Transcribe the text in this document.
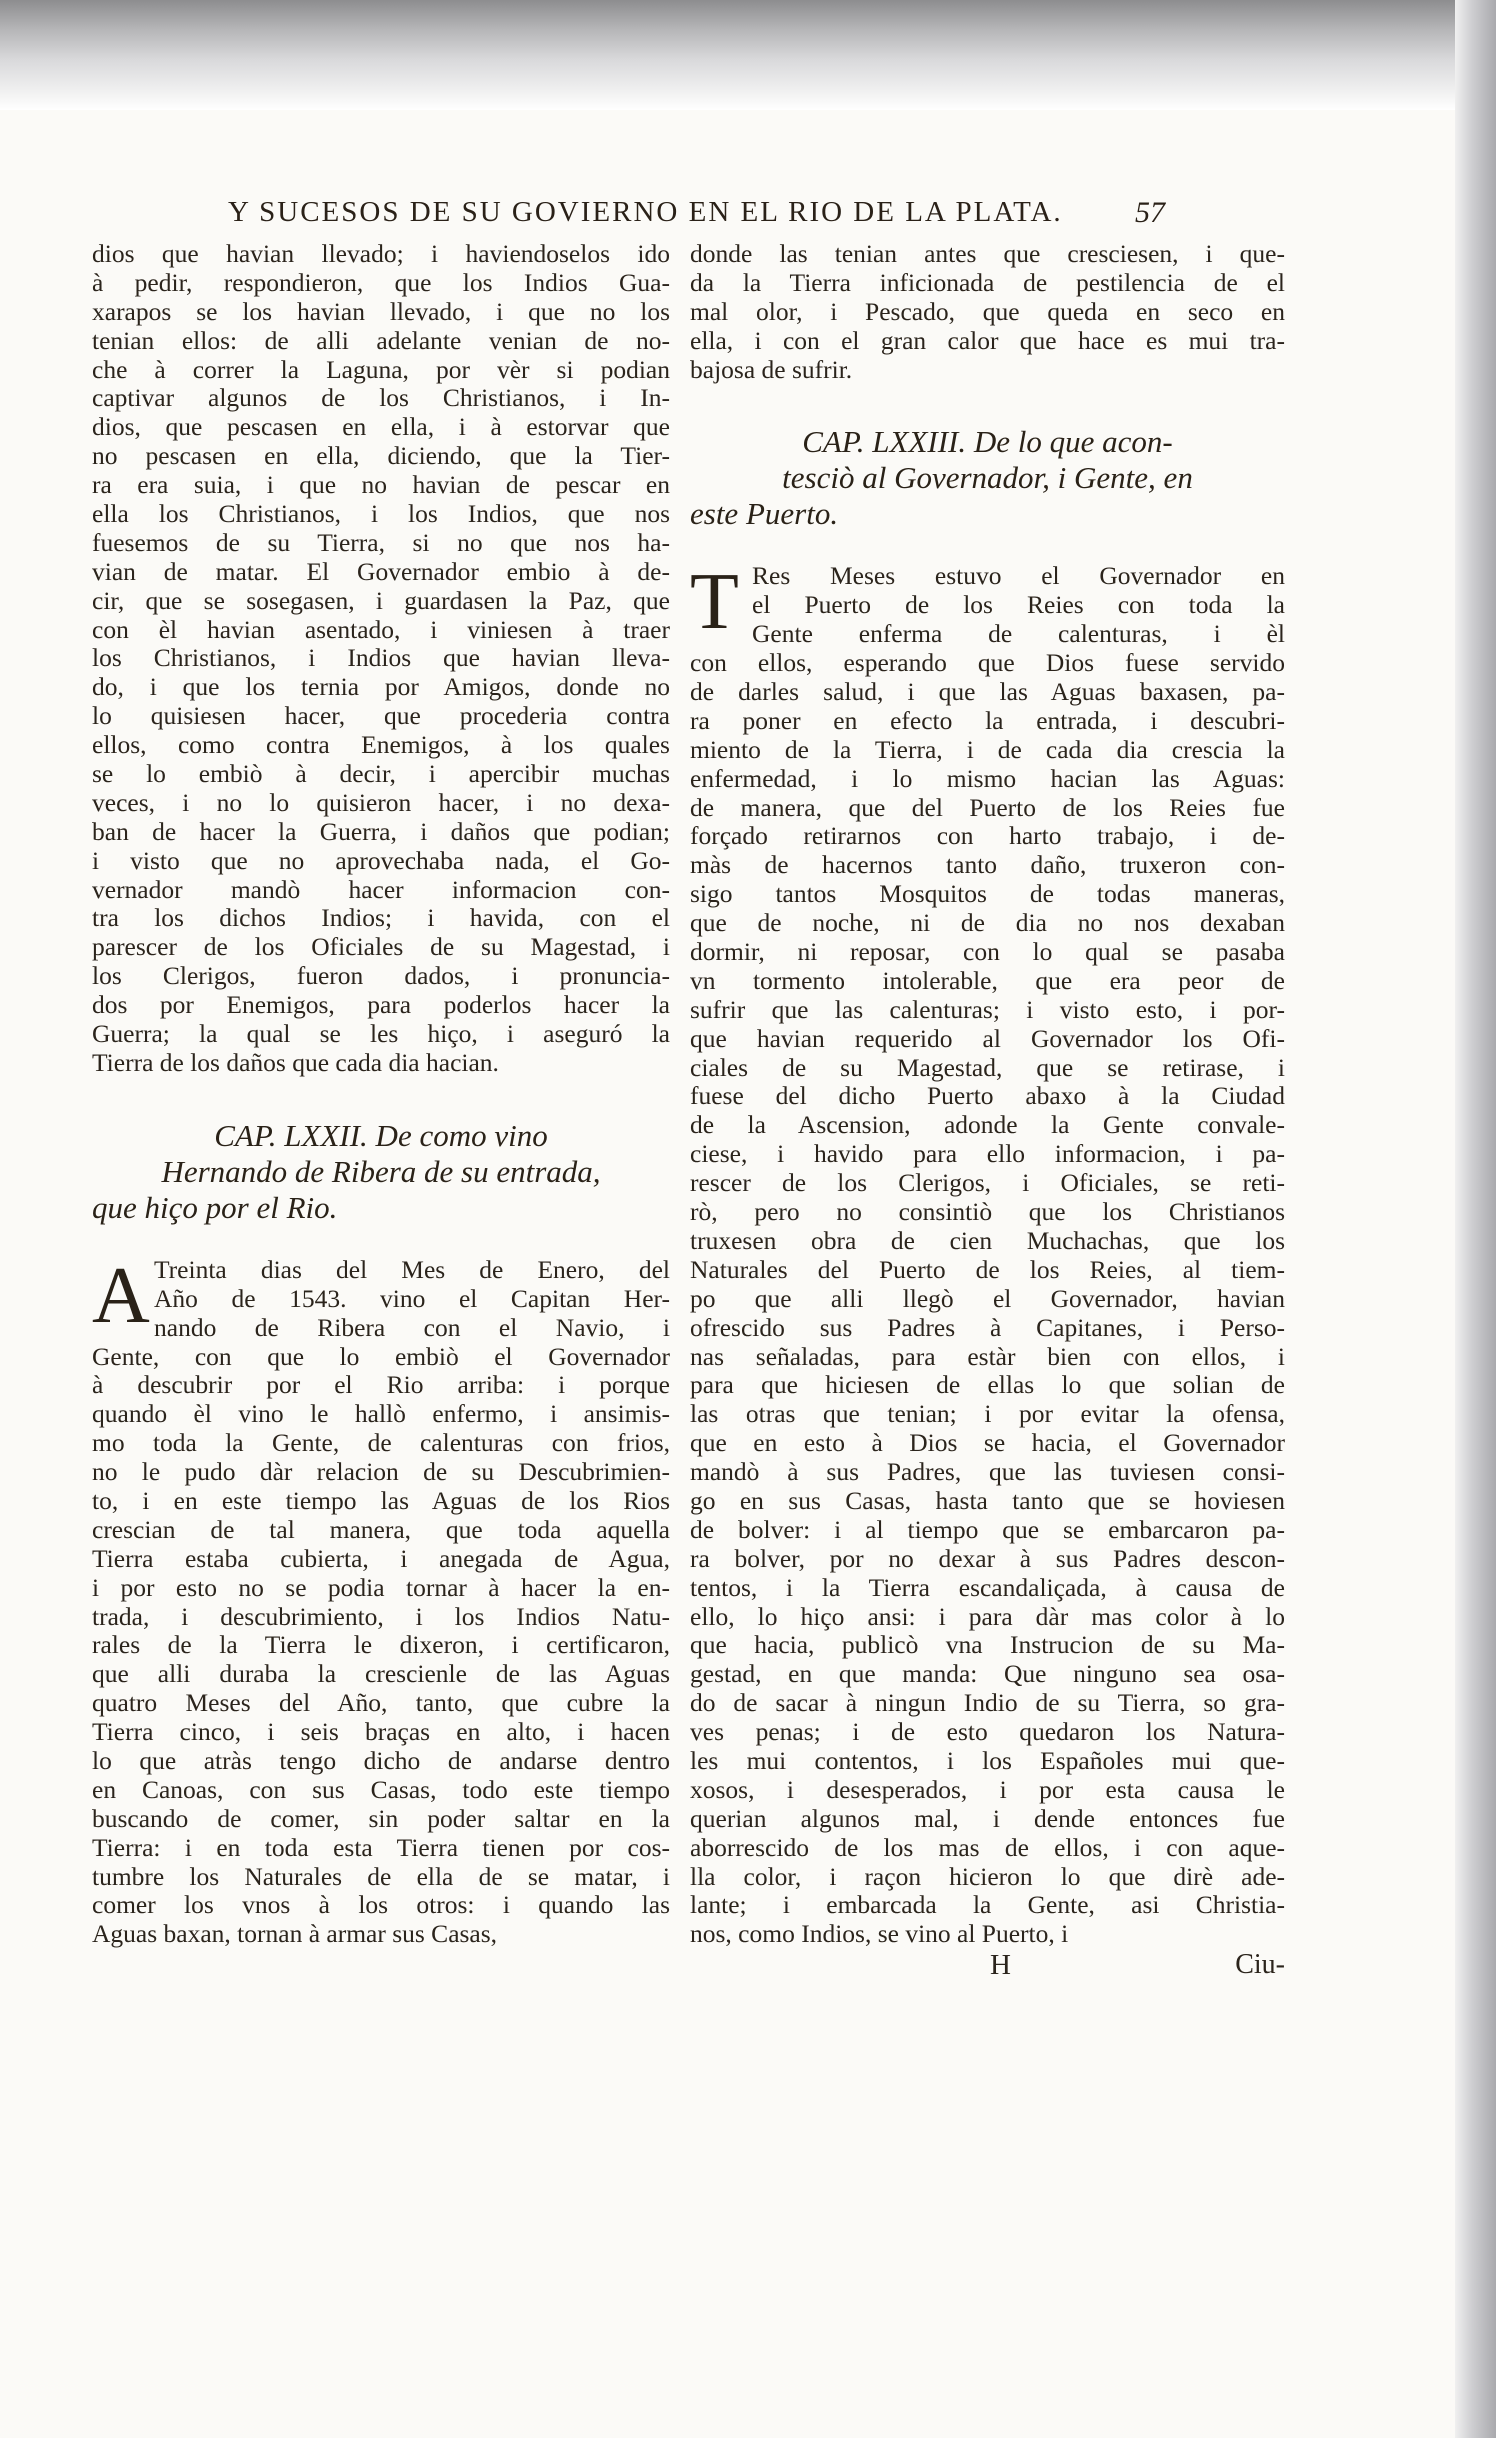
Y SUCESOS DE SU GOVIERNO EN EL RIO DE LA PLATA. 57
dios que havian llevado; i haviendoselos ido
à pedir, respondieron, que los Indios Gua-
xarapos se los havian llevado, i que no los
tenian ellos: de alli adelante venian de no-
che à correr la Laguna, por vèr si podian
captivar algunos de los Christianos, i In-
dios, que pescasen en ella, i à estorvar que
no pescasen en ella, diciendo, que la Tier-
ra era suia, i que no havian de pescar en
ella los Christianos, i los Indios, que nos
fuesemos de su Tierra, si no que nos ha-
vian de matar. El Governador embio à de-
cir, que se sosegasen, i guardasen la Paz, que
con èl havian asentado, i viniesen à traer
los Christianos, i Indios que havian lleva-
do, i que los ternia por Amigos, donde no
lo quisiesen hacer, que procederia contra
ellos, como contra Enemigos, à los quales
se lo embiò à decir, i apercibir muchas
veces, i no lo quisieron hacer, i no dexa-
ban de hacer la Guerra, i daños que podian;
i visto que no aprovechaba nada, el Go-
vernador mandò hacer informacion con-
tra los dichos Indios; i havida, con el
parescer de los Oficiales de su Magestad, i
los Clerigos, fueron dados, i pronuncia-
dos por Enemigos, para poderlos hacer la
Guerra; la qual se les hiço, i aseguró la
Tierra de los daños que cada dia hacian.
CAP. LXXII. De como vino
Hernando de Ribera de su entrada,
que hiço por el Rio.
A Treinta dias del Mes de Enero, del
Año de 1543. vino el Capitan Her-
nando de Ribera con el Navio, i
Gente, con que lo embiò el Governador
à descubrir por el Rio arriba: i porque
quando èl vino le hallò enfermo, i ansimis-
mo toda la Gente, de calenturas con frios,
no le pudo dàr relacion de su Descubrimien-
to, i en este tiempo las Aguas de los Rios
crescian de tal manera, que toda aquella
Tierra estaba cubierta, i anegada de Agua,
i por esto no se podia tornar à hacer la en-
trada, i descubrimiento, i los Indios Natu-
rales de la Tierra le dixeron, i certificaron,
que alli duraba la crescienle de las Aguas
quatro Meses del Año, tanto, que cubre la
Tierra cinco, i seis braças en alto, i hacen
lo que atràs tengo dicho de andarse dentro
en Canoas, con sus Casas, todo este tiempo
buscando de comer, sin poder saltar en la
Tierra: i en toda esta Tierra tienen por cos-
tumbre los Naturales de ella de se matar, i
comer los vnos à los otros: i quando las
Aguas baxan, tornan à armar sus Casas,
donde las tenian antes que cresciesen, i que-
da la Tierra inficionada de pestilencia de el
mal olor, i Pescado, que queda en seco en
ella, i con el gran calor que hace es mui tra-
bajosa de sufrir.
CAP. LXXIII. De lo que acon-
tesciò al Governador, i Gente, en
este Puerto.
T Res Meses estuvo el Governador en
el Puerto de los Reies con toda la
Gente enferma de calenturas, i èl
con ellos, esperando que Dios fuese servido
de darles salud, i que las Aguas baxasen, pa-
ra poner en efecto la entrada, i descubri-
miento de la Tierra, i de cada dia crescia la
enfermedad, i lo mismo hacian las Aguas:
de manera, que del Puerto de los Reies fue
forçado retirarnos con harto trabajo, i de-
màs de hacernos tanto daño, truxeron con-
sigo tantos Mosquitos de todas maneras,
que de noche, ni de dia no nos dexaban
dormir, ni reposar, con lo qual se pasaba
vn tormento intolerable, que era peor de
sufrir que las calenturas; i visto esto, i por-
que havian requerido al Governador los Ofi-
ciales de su Magestad, que se retirase, i
fuese del dicho Puerto abaxo à la Ciudad
de la Ascension, adonde la Gente convale-
ciese, i havido para ello informacion, i pa-
rescer de los Clerigos, i Oficiales, se reti-
rò, pero no consintiò que los Christianos
truxesen obra de cien Muchachas, que los
Naturales del Puerto de los Reies, al tiem-
po que alli llegò el Governador, havian
ofrescido sus Padres à Capitanes, i Perso-
nas señaladas, para estàr bien con ellos, i
para que hiciesen de ellas lo que solian de
las otras que tenian; i por evitar la ofensa,
que en esto à Dios se hacia, el Governador
mandò à sus Padres, que las tuviesen consi-
go en sus Casas, hasta tanto que se hoviesen
de bolver: i al tiempo que se embarcaron pa-
ra bolver, por no dexar à sus Padres descon-
tentos, i la Tierra escandaliçada, à causa de
ello, lo hiço ansi: i para dàr mas color à lo
que hacia, publicò vna Instrucion de su Ma-
gestad, en que manda: Que ninguno sea osa-
do de sacar à ningun Indio de su Tierra, so gra-
ves penas; i de esto quedaron los Natura-
les mui contentos, i los Españoles mui que-
xosos, i desesperados, i por esta causa le
querian algunos mal, i dende entonces fue
aborrescido de los mas de ellos, i con aque-
lla color, i raçon hicieron lo que dirè ade-
lante; i embarcada la Gente, asi Christia-
nos, como Indios, se vino al Puerto, i
H	Ciu-
